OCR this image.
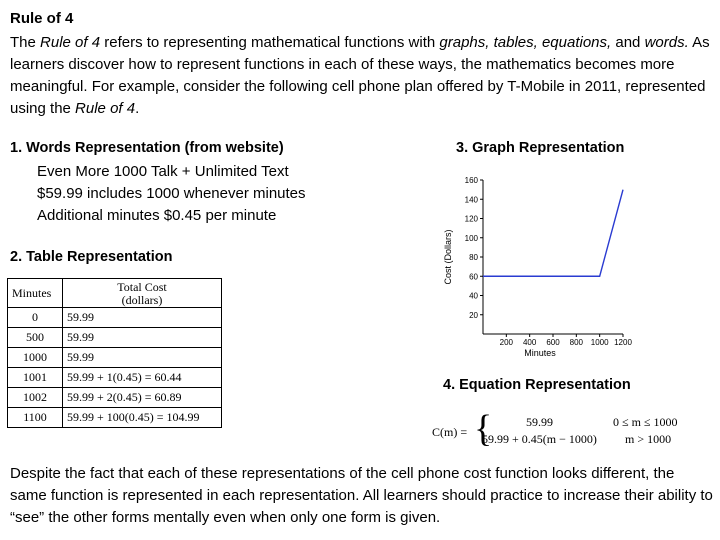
Rule of 4
The Rule of 4 refers to representing mathematical functions with graphs, tables, equations, and words. As learners discover how to represent functions in each of these ways, the mathematics becomes more meaningful. For example, consider the following cell phone plan offered by T-Mobile in 2011, represented using the Rule of 4.
1. Words Representation (from website)
Even More 1000 Talk + Unlimited Text
$59.99 includes 1000 whenever minutes
Additional minutes $0.45 per minute
3. Graph Representation
20
40
60
80
100
120
140
160
200 400 600 800 1000 1200
Minutes
Cost (Dollars)
2. Table Representation
Minutes	Total Cost
(dollars)

0	59.99
500	59.99
1000	59.99
1001	59.99 + 1(0.45) = 60.44
1002	59.99 + 2(0.45) = 60.89
1100	59.99 + 100(0.45) = 104.99
4. Equation Representation
C(m) = {	59.99	0 ≤ m ≤ 1000
59.99 + 0.45(m − 1000) m > 1000
Despite the fact that each of these representations of the cell phone cost function looks different, the same function is represented in each representation. All learners should practice to increase their ability to “see” the other forms mentally even when only one form is given.
